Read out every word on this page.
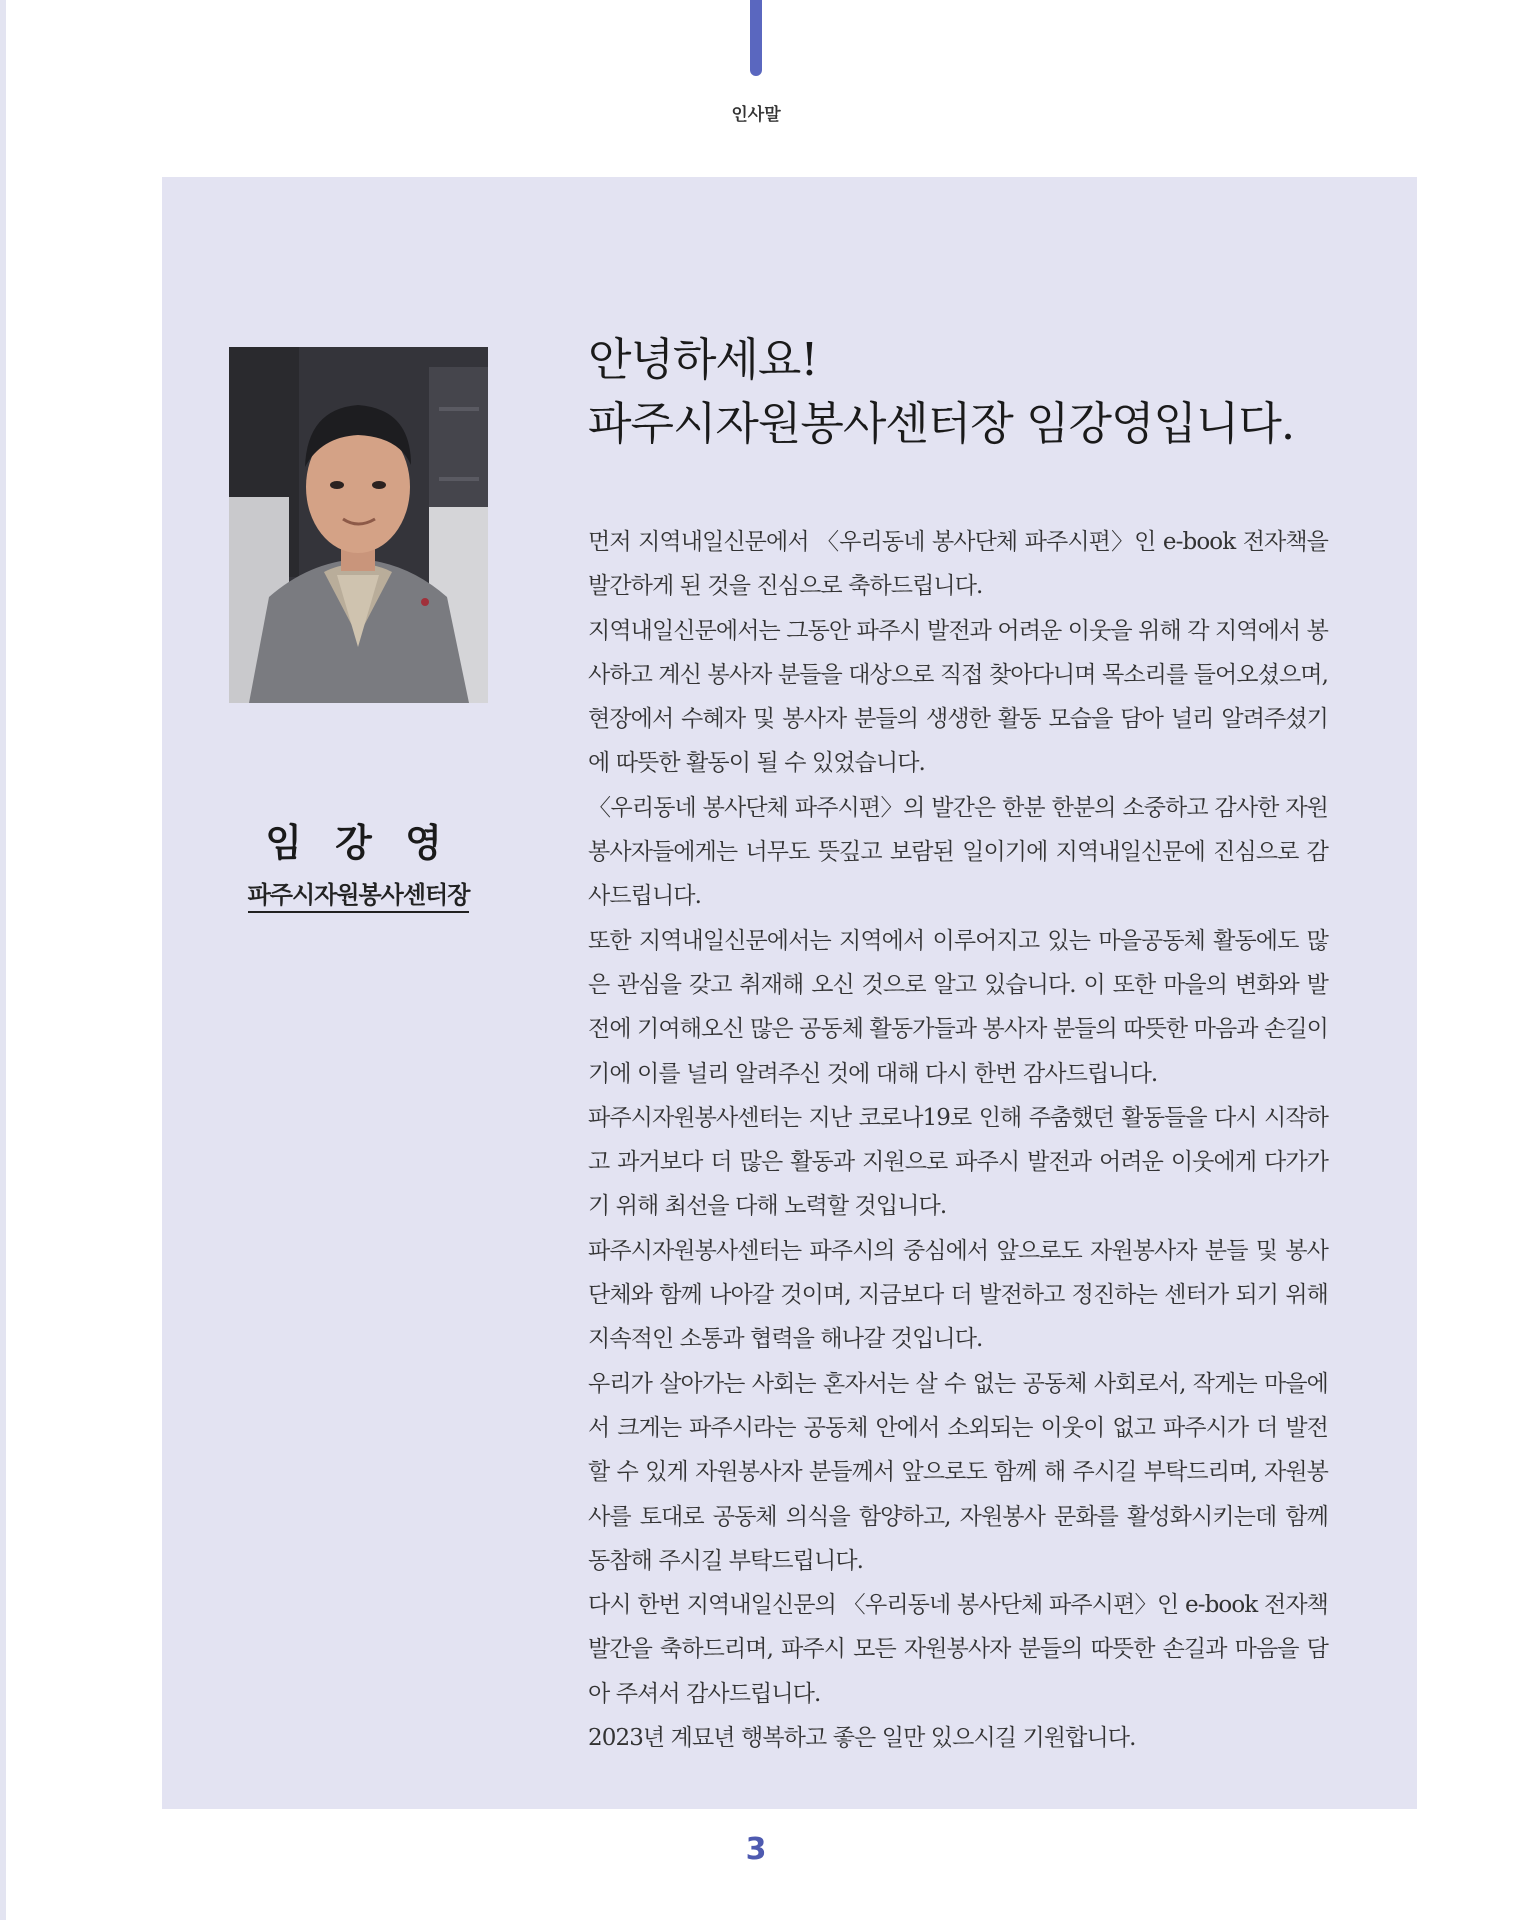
인사말
임 강 영
파주시자원봉사센터장
안녕하세요!
파주시자원봉사센터장 임강영입니다.

먼저 지역내일신문에서 〈우리동네 봉사단체 파주시편〉인 e-book 전자책을 발간하게 된 것을 진심으로 축하드립니다.

지역내일신문에서는 그동안 파주시 발전과 어려운 이웃을 위해 각 지역에서 봉사하고 계신 봉사자 분들을 대상으로 직접 찾아다니며 목소리를 들어오셨으며, 현장에서 수혜자 및 봉사자 분들의 생생한 활동 모습을 담아 널리 알려주셨기에 따뜻한 활동이 될 수 있었습니다.

〈우리동네 봉사단체 파주시편〉의 발간은 한분 한분의 소중하고 감사한 자원봉사자들에게는 너무도 뜻깊고 보람된 일이기에 지역내일신문에 진심으로 감사드립니다.

또한 지역내일신문에서는 지역에서 이루어지고 있는 마을공동체 활동에도 많은 관심을 갖고 취재해 오신 것으로 알고 있습니다. 이 또한 마을의 변화와 발전에 기여해오신 많은 공동체 활동가들과 봉사자 분들의 따뜻한 마음과 손길이기에 이를 널리 알려주신 것에 대해 다시 한번 감사드립니다.

파주시자원봉사센터는 지난 코로나19로 인해 주춤했던 활동들을 다시 시작하고 과거보다 더 많은 활동과 지원으로 파주시 발전과 어려운 이웃에게 다가가기 위해 최선을 다해 노력할 것입니다.

파주시자원봉사센터는 파주시의 중심에서 앞으로도 자원봉사자 분들 및 봉사단체와 함께 나아갈 것이며, 지금보다 더 발전하고 정진하는 센터가 되기 위해 지속적인 소통과 협력을 해나갈 것입니다.

우리가 살아가는 사회는 혼자서는 살 수 없는 공동체 사회로서, 작게는 마을에서 크게는 파주시라는 공동체 안에서 소외되는 이웃이 없고 파주시가 더 발전할 수 있게 자원봉사자 분들께서 앞으로도 함께 해 주시길 부탁드리며, 자원봉사를 토대로 공동체 의식을 함양하고, 자원봉사 문화를 활성화시키는데 함께 동참해 주시길 부탁드립니다.

다시 한번 지역내일신문의 〈우리동네 봉사단체 파주시편〉인 e-book 전자책 발간을 축하드리며, 파주시 모든 자원봉사자 분들의 따뜻한 손길과 마음을 담아 주셔서 감사드립니다.

2023년 계묘년 행복하고 좋은 일만 있으시길 기원합니다.

3
